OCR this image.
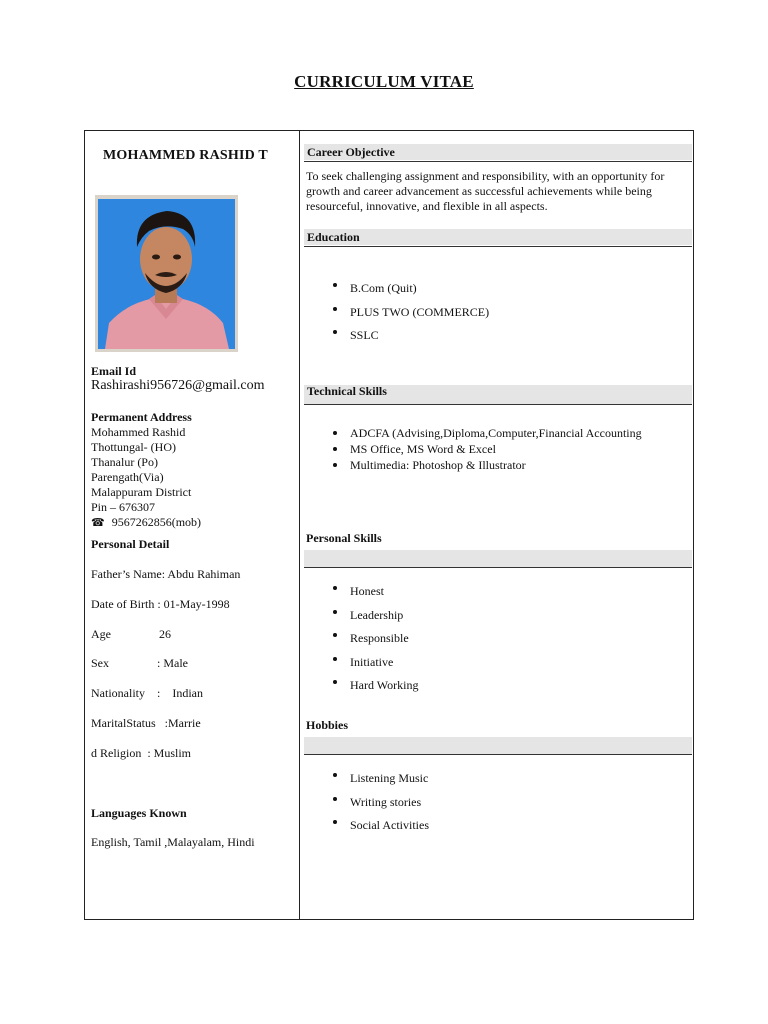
CURRICULUM VITAE
MOHAMMED RASHID T
Email Id
Rashirashi956726@gmail.com
Permanent Address
Mohammed Rashid
Thottungal- (HO)
Thanalur (Po)
Parengath(Via)
Malappuram District
Pin – 676307
☎ 9567262856(mob)
Personal Detail
Father’s Name: Abdu Rahiman
Date of Birth : 01-May-1998
Age                26
Sex                : Male
Nationality    :    Indian
MaritalStatus   :Marrie
d Religion  : Muslim
Languages Known
English, Tamil ,Malayalam, Hindi
Career Objective
To seek challenging assignment and responsibility, with an opportunity for growth and career advancement as successful achievements while being resourceful, innovative, and flexible in all aspects.
Education
B.Com (Quit)
PLUS TWO (COMMERCE)
SSLC
Technical Skills
ADCFA (Advising,Diploma,Computer,Financial Accounting
MS Office, MS Word & Excel
Multimedia: Photoshop & Illustrator
Personal Skills
Honest
Leadership
Responsible
Initiative
Hard Working
Hobbies
Listening Music
Writing stories
Social Activities
